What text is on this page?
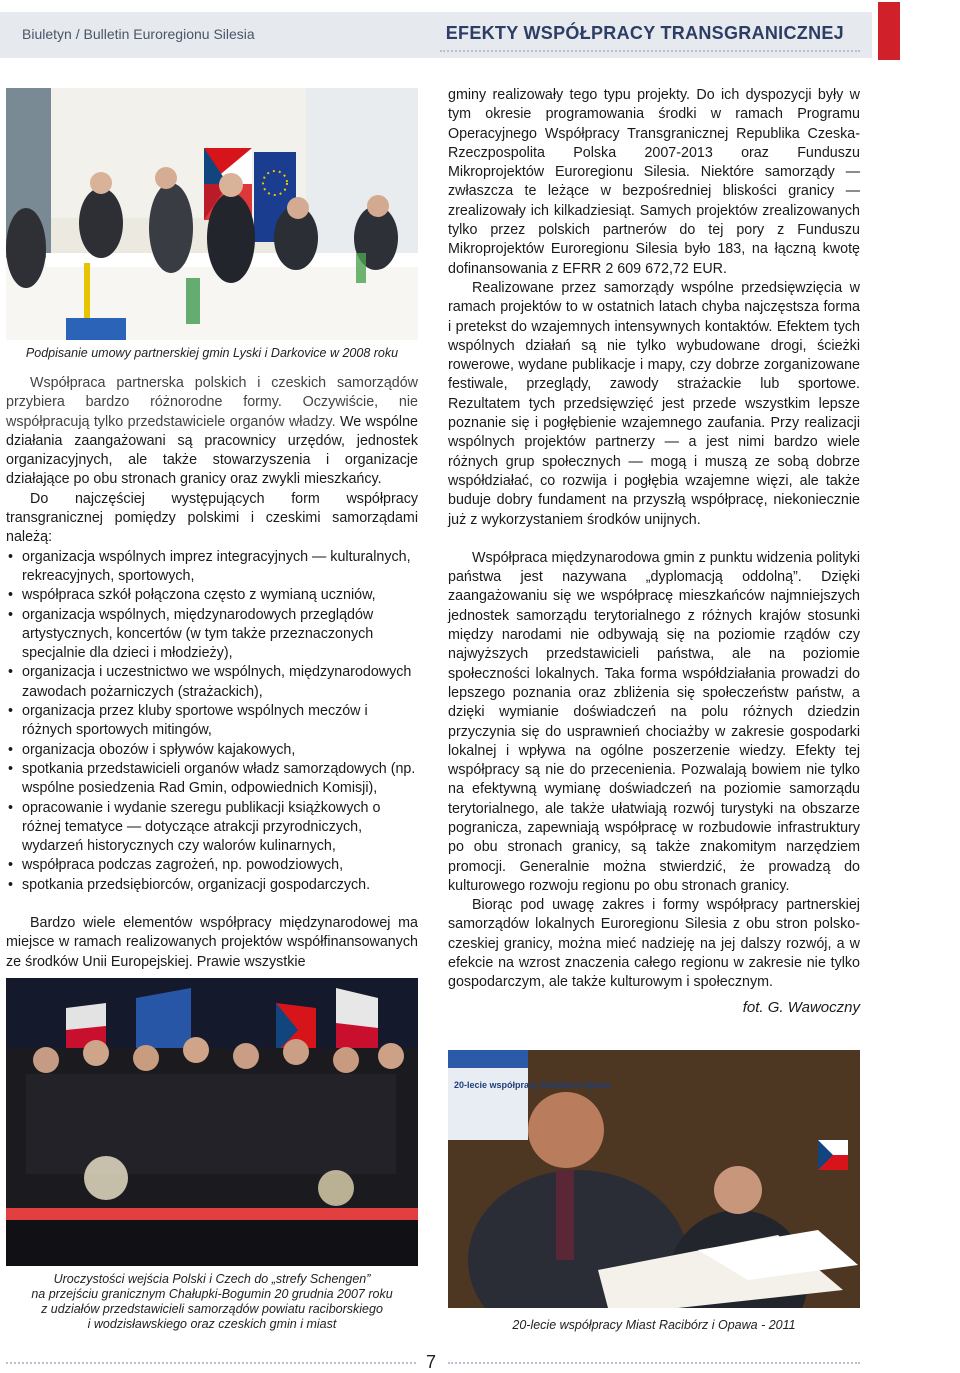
Biuletyn / Bulletin Euroregionu Silesia	EFEKTY WSPÓŁPRACY TRANSGRANICZNEJ

Podpisanie umowy partnerskiej gmin Lyski i Darkovice w 2008 roku

Współpraca partnerska polskich i czeskich samorządów przybiera bardzo różnorodne formy. Oczywiście, nie współpracują tylko przedstawiciele organów władzy. We wspólne działania zaangażowani są pracownicy urzędów, jednostek organizacyjnych, ale także stowarzyszenia i organizacje działające po obu stronach granicy oraz zwykli mieszkańcy.

Do najczęściej występujących form współpracy transgranicznej pomiędzy polskimi i czeskimi samorządami należą:

• organizacja wspólnych imprez integracyjnych — kulturalnych, rekreacyjnych, sportowych,
• współpraca szkół połączona często z wymianą uczniów,
• organizacja wspólnych, międzynarodowych przeglądów artystycznych, koncertów (w tym także przeznaczonych specjalnie dla dzieci i młodzieży),
• organizacja i uczestnictwo we wspólnych, międzynarodowych zawodach pożarniczych (strażackich),
• organizacja przez kluby sportowe wspólnych meczów i różnych sportowych mitingów,
• organizacja obozów i spływów kajakowych,
• spotkania przedstawicieli organów władz samorządowych (np. wspólne posiedzenia Rad Gmin, odpowiednich Komisji),
• opracowanie i wydanie szeregu publikacji książkowych o różnej tematyce — dotyczące atrakcji przyrodniczych, wydarzeń historycznych czy walorów kulinarnych,
• współpraca podczas zagrożeń, np. powodziowych,
• spotkania przedsiębiorców, organizacji gospodarczych.

Bardzo wiele elementów współpracy międzynarodowej ma miejsce w ramach realizowanych projektów współfinansowanych ze środków Unii Europejskiej. Prawie wszystkie

Uroczystości wejścia Polski i Czech do „strefy Schengen”

na przejściu granicznym Chałupki-Bogumin 20 grudnia 2007 roku

z udziałów przedstawicieli samorządów powiatu raciborskiego

i wodzisławskiego oraz czeskich gmin i miast

gminy realizowały tego typu projekty. Do ich dyspozycji były w tym okresie programowania środki w ramach Programu Operacyjnego Współpracy Transgranicznej Republika Czeska-Rzeczpospolita Polska 2007-2013 oraz Funduszu Mikroprojektów Euroregionu Silesia. Niektóre samorządy — zwłaszcza te leżące w bezpośredniej bliskości granicy — zrealizowały ich kilkadziesiąt. Samych projektów zrealizowanych tylko przez polskich partnerów do tej pory z Funduszu Mikroprojektów Euroregionu Silesia było 183, na łączną kwotę dofinansowania z EFRR 2 609 672,72 EUR.

Realizowane przez samorządy wspólne przedsięwzięcia w ramach projektów to w ostatnich latach chyba najczęstsza forma i pretekst do wzajemnych intensywnych kontaktów. Efektem tych wspólnych działań są nie tylko wybudowane drogi, ścieżki rowerowe, wydane publikacje i mapy, czy dobrze zorganizowane festiwale, przeglądy, zawody strażackie lub sportowe. Rezultatem tych przedsięwzięć jest przede wszystkim lepsze poznanie się i pogłębienie wzajemnego zaufania. Przy realizacji wspólnych projektów partnerzy — a jest nimi bardzo wiele różnych grup społecznych — mogą i muszą ze sobą dobrze współdziałać, co rozwija i pogłębia wzajemne więzi, ale także buduje dobry fundament na przyszłą współpracę, niekoniecznie już z wykorzystaniem środków unijnych.

Współpraca międzynarodowa gmin z punktu widzenia polityki państwa jest nazywana „dyplomacją oddolną”. Dzięki zaangażowaniu się we współpracę mieszkańców najmniejszych jednostek samorządu terytorialnego z różnych krajów stosunki między narodami nie odbywają się na poziomie rządów czy najwyższych przedstawicieli państwa, ale na poziomie społeczności lokalnych. Taka forma współdziałania prowadzi do lepszego poznania oraz zbliżenia się społeczeństw państw, a dzięki wymianie doświadczeń na polu różnych dziedzin przyczynia się do usprawnień chociażby w zakresie gospodarki lokalnej i wpływa na ogólne poszerzenie wiedzy. Efekty tej współpracy są nie do przecenienia. Pozwalają bowiem nie tylko na efektywną wymianę doświadczeń na poziomie samorządu terytorialnego, ale także ułatwiają rozwój turystyki na obszarze pogranicza, zapewniają współpracę w rozbudowie infrastruktury po obu stronach granicy, są także znakomitym narzędziem promocji. Generalnie można stwierdzić, że prowadzą do kulturowego rozwoju regionu po obu stronach granicy.

Biorąc pod uwagę zakres i formy współpracy partnerskiej samorządów lokalnych Euroregionu Silesia z obu stron polsko-czeskiej granicy, można mieć nadzieję na jej dalszy rozwój, a w efekcie na wzrost znaczenia całego regionu w zakresie nie tylko gospodarczym, ale także kulturowym i społecznym.

fot. G. Wawoczny
20-lecie współpracy Racibórz-Opava

20-lecie współpracy Miast Racibórz i Opawa - 2011

7
